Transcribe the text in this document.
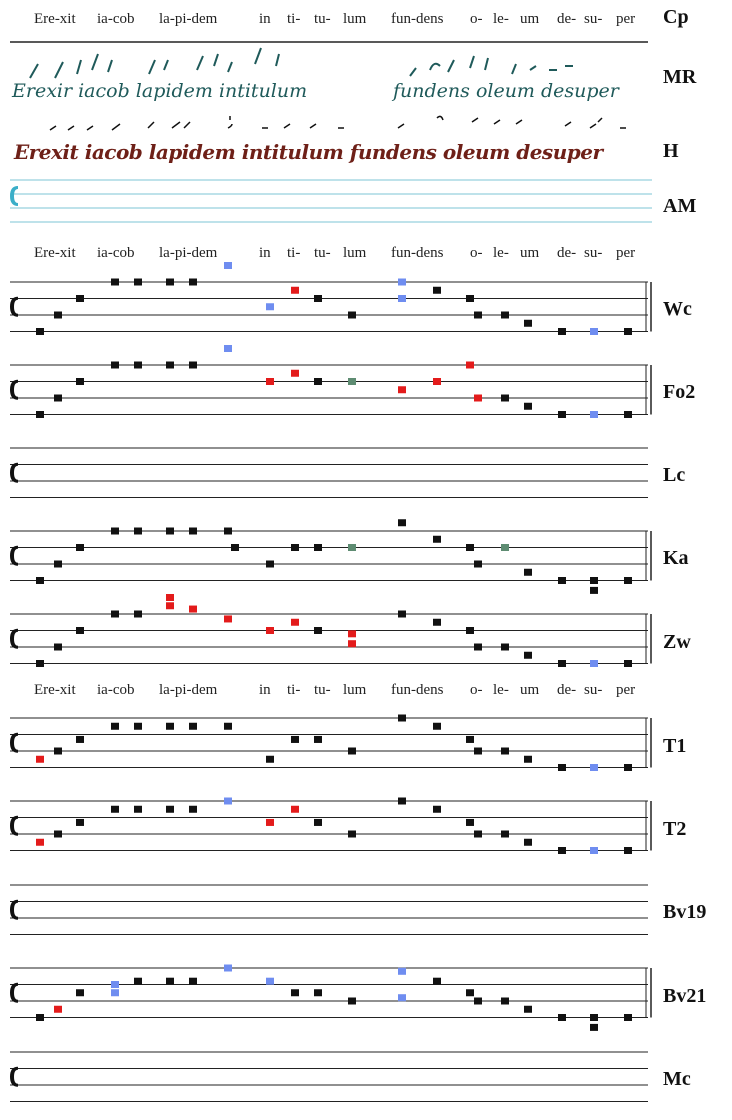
Ere-xit ia-cob la-pi-dem	in ti- tu- lum fun-dens o- le- um de- su- per
Ere-xit ia-cob la-pi-dem	in ti- tu- lum fun-dens o- le- um de- su- per
Ere-xit ia-cob la-pi-dem	in ti- tu- lum fun-dens o- le- um de- su- per
Erexir iacob lapidem intitulum	fundens oleum desuper
Erexit iacob lapidem intitulum fundens oleum desuper
Cp
MR
H
AM
Wc
Fo2
Lc
Ka
Zw
T1
T2
Bv19
Bv21
Mc
